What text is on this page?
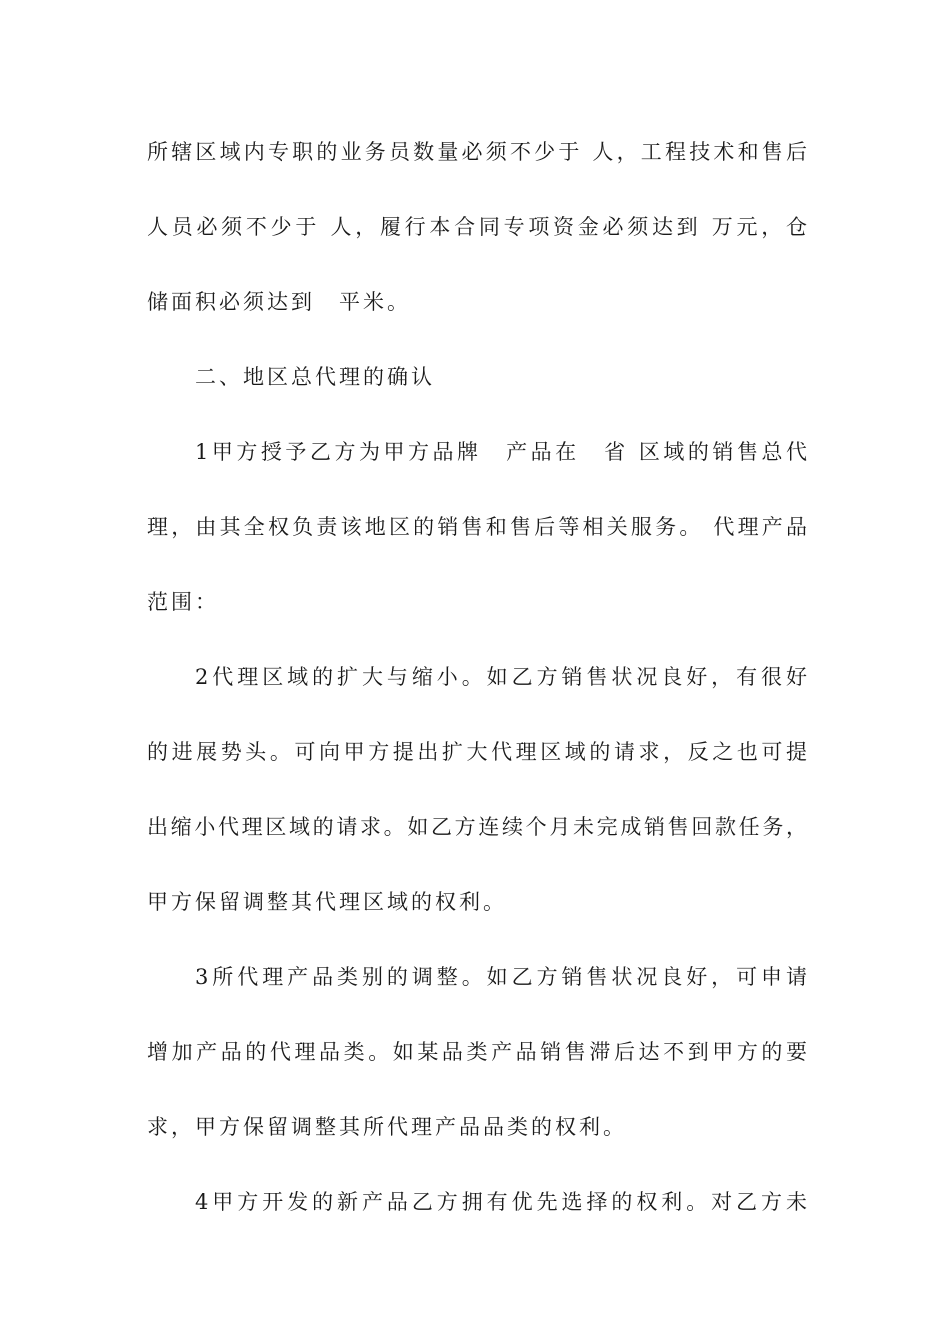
所辖区域内专职的业务员数量必须不少于 人，工程技术和售后
人员必须不少于 人，履行本合同专项资金必须达到 万元，仓
储面积必须达到　平米。
二、地区总代理的确认
1甲方授予乙方为甲方品牌　产品在　省 区域的销售总代
理，由其全权负责该地区的销售和售后等相关服务。 代理产品
范围：
2代理区域的扩大与缩小。如乙方销售状况良好，有很好
的进展势头。可向甲方提出扩大代理区域的请求，反之也可提
出缩小代理区域的请求。如乙方连续个月未完成销售回款任务，
甲方保留调整其代理区域的权利。
3所代理产品类别的调整。如乙方销售状况良好，可申请
增加产品的代理品类。如某品类产品销售滞后达不到甲方的要
求，甲方保留调整其所代理产品品类的权利。
4甲方开发的新产品乙方拥有优先选择的权利。对乙方未
